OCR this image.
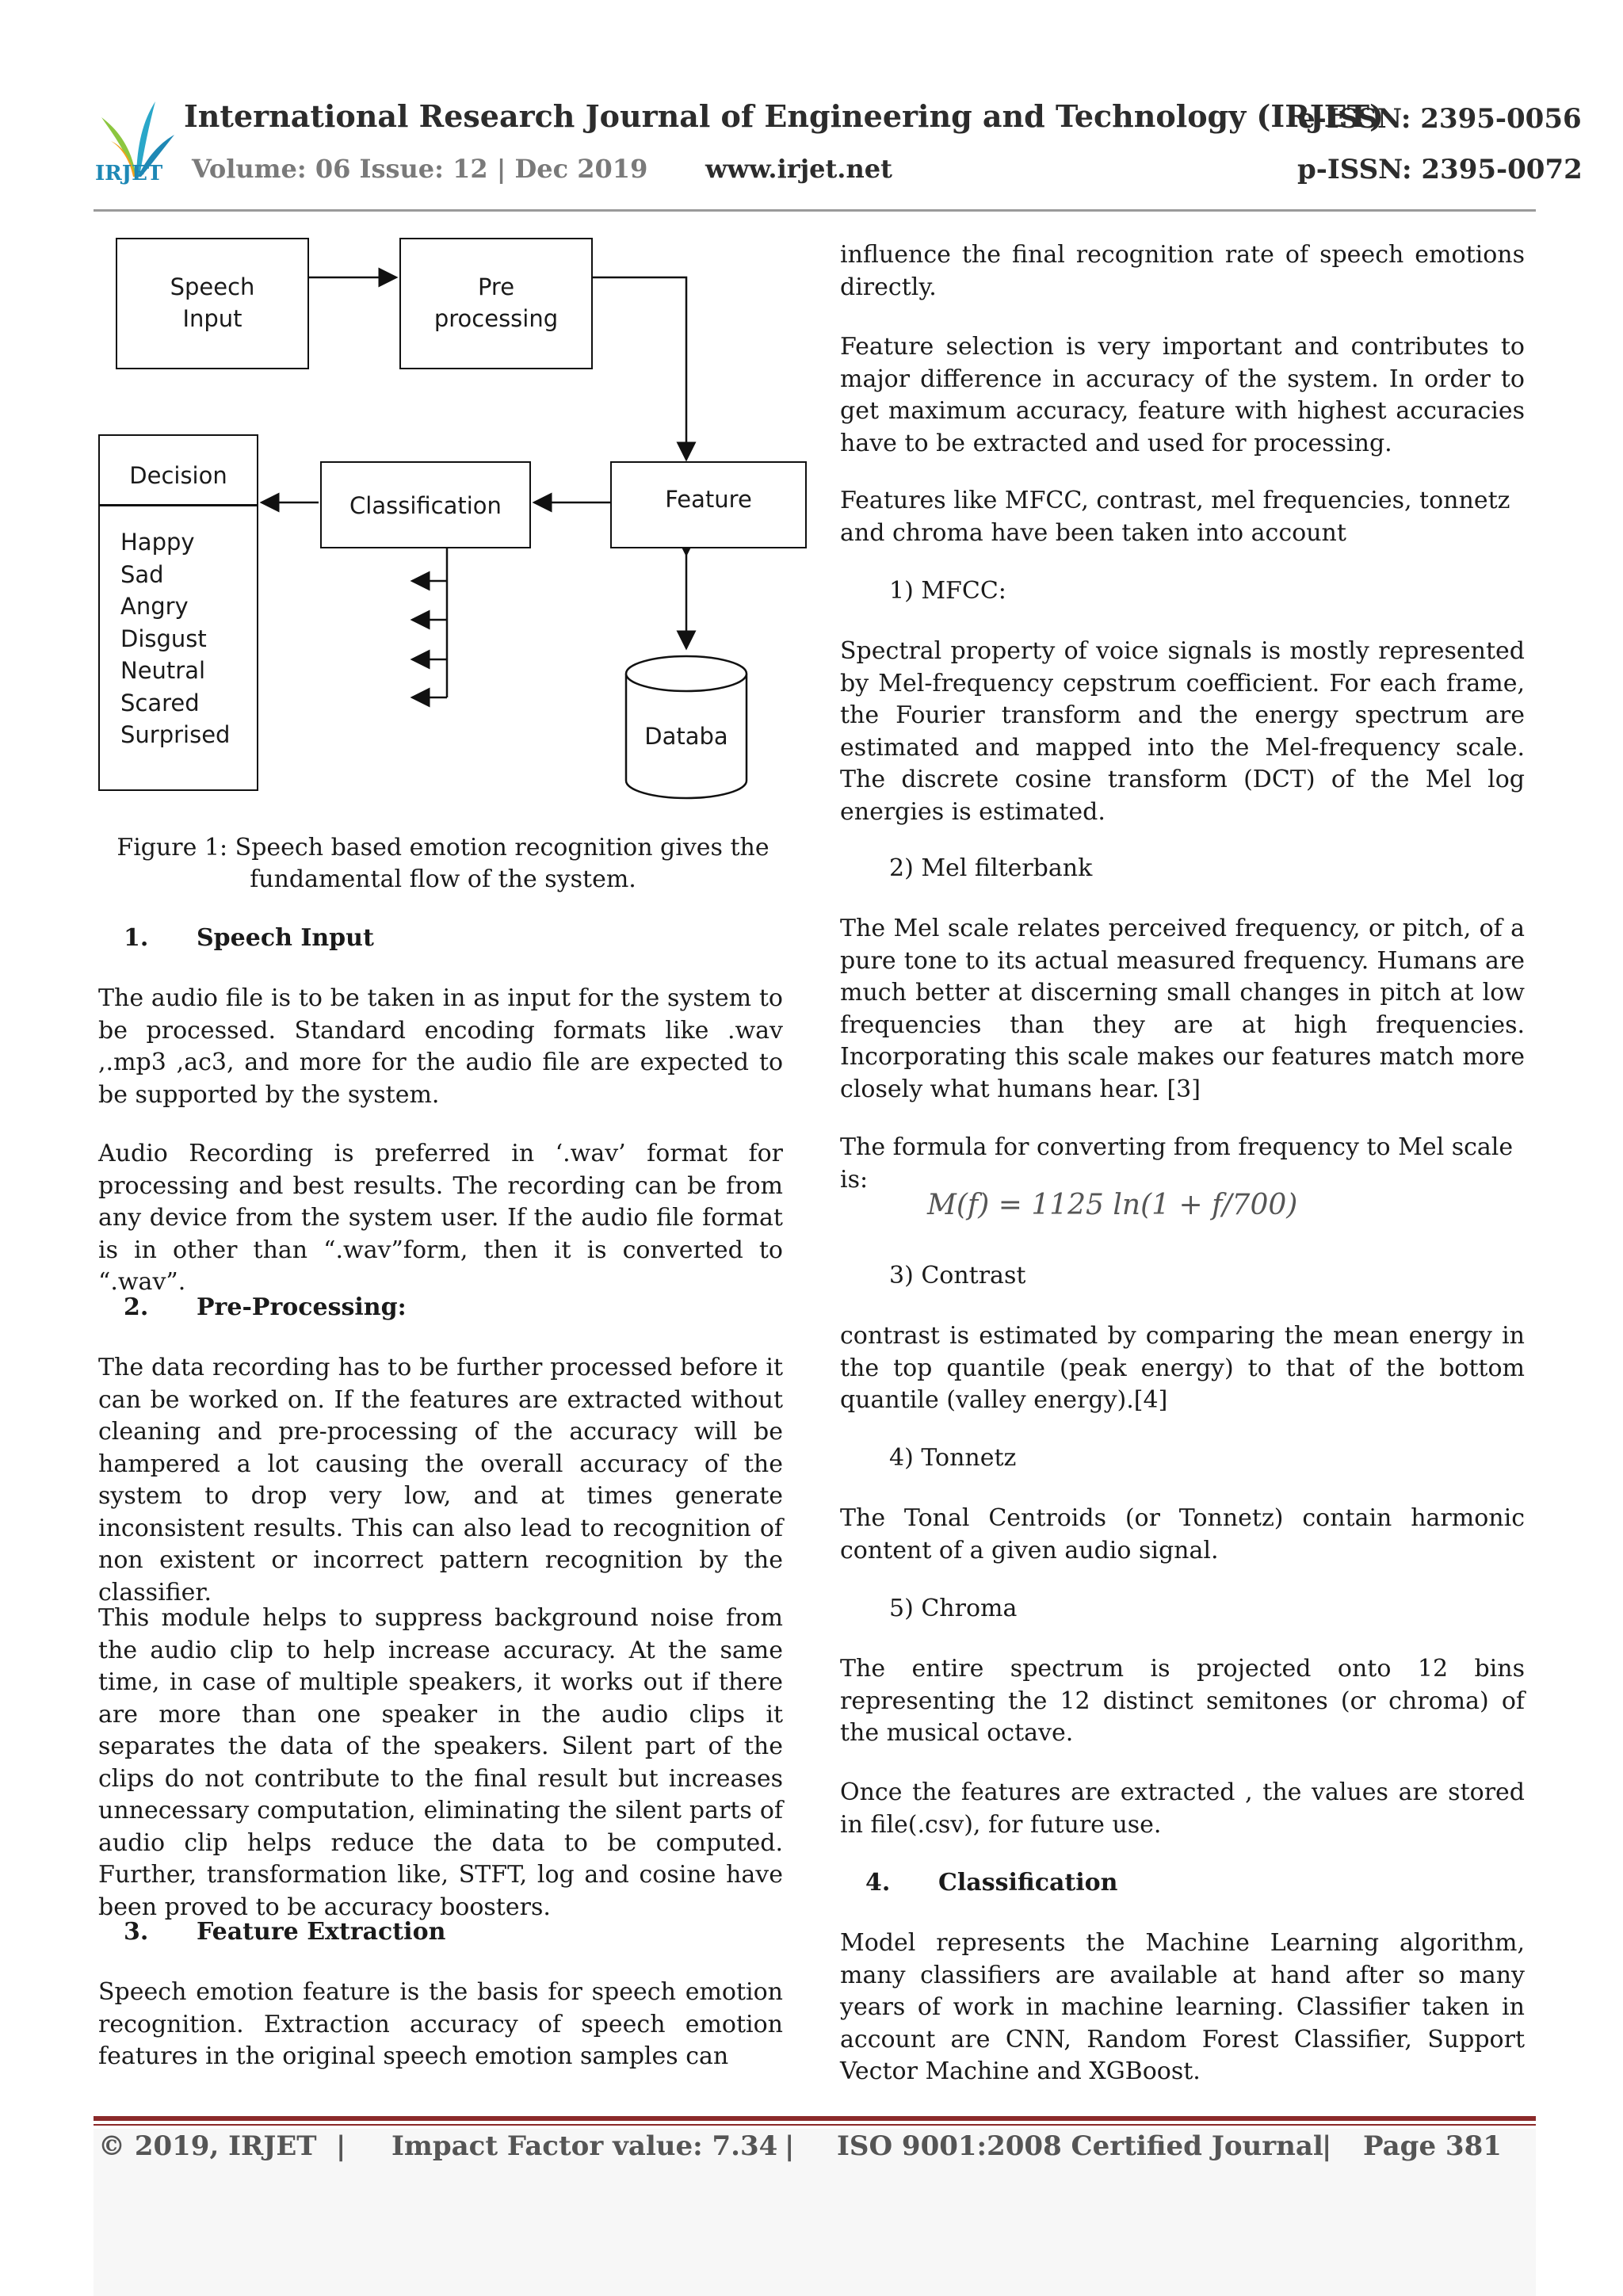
IRJET
International Research Journal of Engineering and Technology (IRJET)
e-ISSN: 2395-0056
Volume: 06 Issue: 12 | Dec 2019 www.irjet.net	p-ISSN: 2395-0072
Speech
Input
Pre
processing
Decision
Happy
Sad
Angry
Disgust
Neutral
Scared
Surprised
Classification	Feature
Databa
Figure 1: Speech based emotion recognition gives the
fundamental flow of the system.
1. Speech Input
The audio file is to be taken in as input for the system to be processed. Standard encoding formats like .wav ,.mp3 ,ac3, and more for the audio file are expected to be supported by the system.
Audio Recording is preferred in ‘.wav’ format for processing and best results. The recording can be from any device from the system user. If the audio file format is in other than “.wav”form, then it is converted to “.wav”.
2. Pre-Processing:
The data recording has to be further processed before it can be worked on. If the features are extracted without cleaning and pre-processing of the accuracy will be hampered a lot causing the overall accuracy of the system to drop very low, and at times generate inconsistent results. This can also lead to recognition of non existent or incorrect pattern recognition by the classifier.
This module helps to suppress background noise from the audio clip to help increase accuracy. At the same time, in case of multiple speakers, it works out if there are more than one speaker in the audio clips it separates the data of the speakers. Silent part of the clips do not contribute to the final result but increases unnecessary computation, eliminating the silent parts of audio clip helps reduce the data to be computed. Further, transformation like, STFT, log and cosine have been proved to be accuracy boosters.
3. Feature Extraction
Speech emotion feature is the basis for speech emotion recognition. Extraction accuracy of speech emotion features in the original speech emotion samples can
influence the final recognition rate of speech emotions directly.
Feature selection is very important and contributes to major difference in accuracy of the system. In order to get maximum accuracy, feature with highest accuracies have to be extracted and used for processing.
Features like MFCC, contrast, mel frequencies, tonnetz and chroma have been taken into account
1) MFCC:
Spectral property of voice signals is mostly represented by Mel-frequency cepstrum coefficient. For each frame, the Fourier transform and the energy spectrum are estimated and mapped into the Mel-frequency scale. The discrete cosine transform (DCT) of the Mel log energies is estimated.
2) Mel filterbank
The Mel scale relates perceived frequency, or pitch, of a pure tone to its actual measured frequency. Humans are much better at discerning small changes in pitch at low frequencies than they are at high frequencies. Incorporating this scale makes our features match more closely what humans hear. [3]
The formula for converting from frequency to Mel scale is:
M(f) = 1125 ln(1 + f/700)
3) Contrast
contrast is estimated by comparing the mean energy in the top quantile (peak energy) to that of the bottom quantile (valley energy).[4]
4) Tonnetz
The Tonal Centroids (or Tonnetz) contain harmonic content of a given audio signal.
5) Chroma
The entire spectrum is projected onto 12 bins representing the 12 distinct semitones (or chroma) of the musical octave.
Once the features are extracted , the values are stored in file(.csv), for future use.
4. Classification
Model represents the Machine Learning algorithm, many classifiers are available at hand after so many years of work in machine learning. Classifier taken in account are CNN, Random Forest Classifier, Support Vector Machine and XGBoost.
© 2019, IRJET | Impact Factor value: 7.34 | ISO 9001:2008 Certified Journal
| Page 381
